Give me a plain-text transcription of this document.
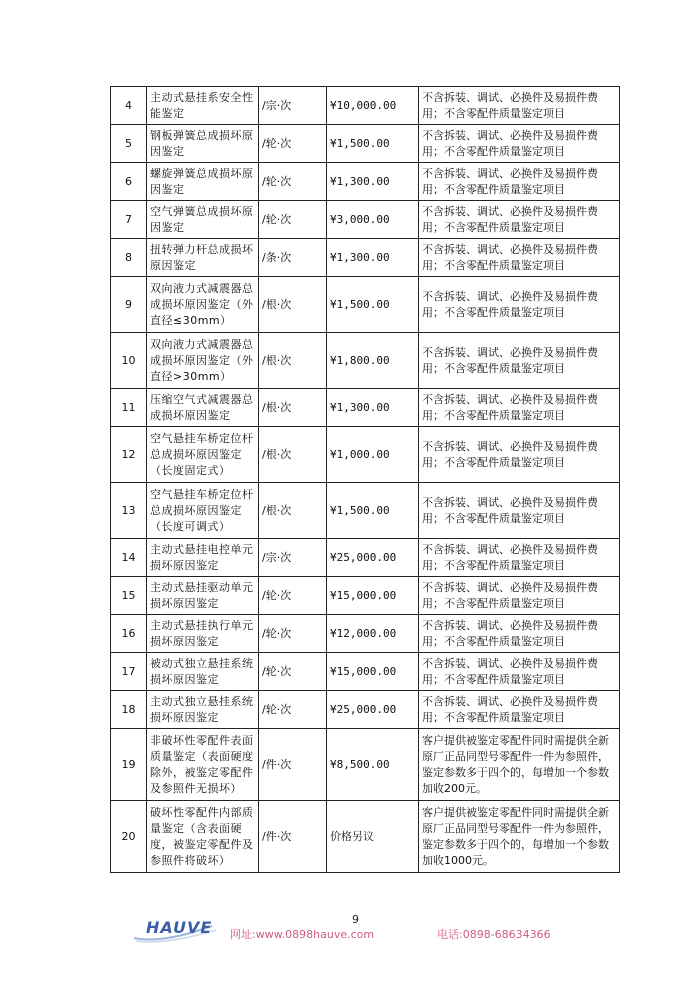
4	主动式悬挂系安全性能鉴定	/宗·次	¥10,000.00	不含拆装、调试、必换件及易损件费用；不含零配件质量鉴定项目
5	钢板弹簧总成损坏原因鉴定	/轮·次	¥1,500.00	不含拆装、调试、必换件及易损件费用；不含零配件质量鉴定项目
6	螺旋弹簧总成损坏原因鉴定	/轮·次	¥1,300.00	不含拆装、调试、必换件及易损件费用；不含零配件质量鉴定项目
7	空气弹簧总成损坏原因鉴定	/轮·次	¥3,000.00	不含拆装、调试、必换件及易损件费用；不含零配件质量鉴定项目
8	扭转弹力杆总成损坏原因鉴定	/条·次	¥1,300.00	不含拆装、调试、必换件及易损件费用；不含零配件质量鉴定项目
9	双向液力式减震器总成损坏原因鉴定（外直径≤30mm）	/根·次	¥1,500.00	不含拆装、调试、必换件及易损件费用；不含零配件质量鉴定项目
10	双向液力式减震器总成损坏原因鉴定（外直径>30mm）	/根·次	¥1,800.00	不含拆装、调试、必换件及易损件费用；不含零配件质量鉴定项目
11	压缩空气式减震器总成损坏原因鉴定	/根·次	¥1,300.00	不含拆装、调试、必换件及易损件费用；不含零配件质量鉴定项目
12	空气悬挂车桥定位杆总成损坏原因鉴定（长度固定式）	/根·次	¥1,000.00	不含拆装、调试、必换件及易损件费用；不含零配件质量鉴定项目
13	空气悬挂车桥定位杆总成损坏原因鉴定（长度可调式）	/根·次	¥1,500.00	不含拆装、调试、必换件及易损件费用；不含零配件质量鉴定项目
14	主动式悬挂电控单元损坏原因鉴定	/宗·次	¥25,000.00	不含拆装、调试、必换件及易损件费用；不含零配件质量鉴定项目
15	主动式悬挂驱动单元损坏原因鉴定	/轮·次	¥15,000.00	不含拆装、调试、必换件及易损件费用；不含零配件质量鉴定项目
16	主动式悬挂执行单元损坏原因鉴定	/轮·次	¥12,000.00	不含拆装、调试、必换件及易损件费用；不含零配件质量鉴定项目
17	被动式独立悬挂系统损坏原因鉴定	/轮·次	¥15,000.00	不含拆装、调试、必换件及易损件费用；不含零配件质量鉴定项目
18	主动式独立悬挂系统损坏原因鉴定	/轮·次	¥25,000.00	不含拆装、调试、必换件及易损件费用；不含零配件质量鉴定项目
19	非破坏性零配件表面质量鉴定（表面硬度除外，被鉴定零配件及参照件无损坏）	/件·次	¥8,500.00	客户提供被鉴定零配件同时需提供全新原厂正品同型号零配件一件为参照件，鉴定参数多于四个的，每增加一个参数加收200元。
20	破坏性零配件内部质量鉴定（含表面硬度，被鉴定零配件及参照件将破坏）	/件·次	价格另议	客户提供被鉴定零配件同时需提供全新原厂正品同型号零配件一件为参照件，鉴定参数多于四个的，每增加一个参数加收1000元。
HAUVE 网址:www.0898hauve.com
9
电话:0898-68634366
